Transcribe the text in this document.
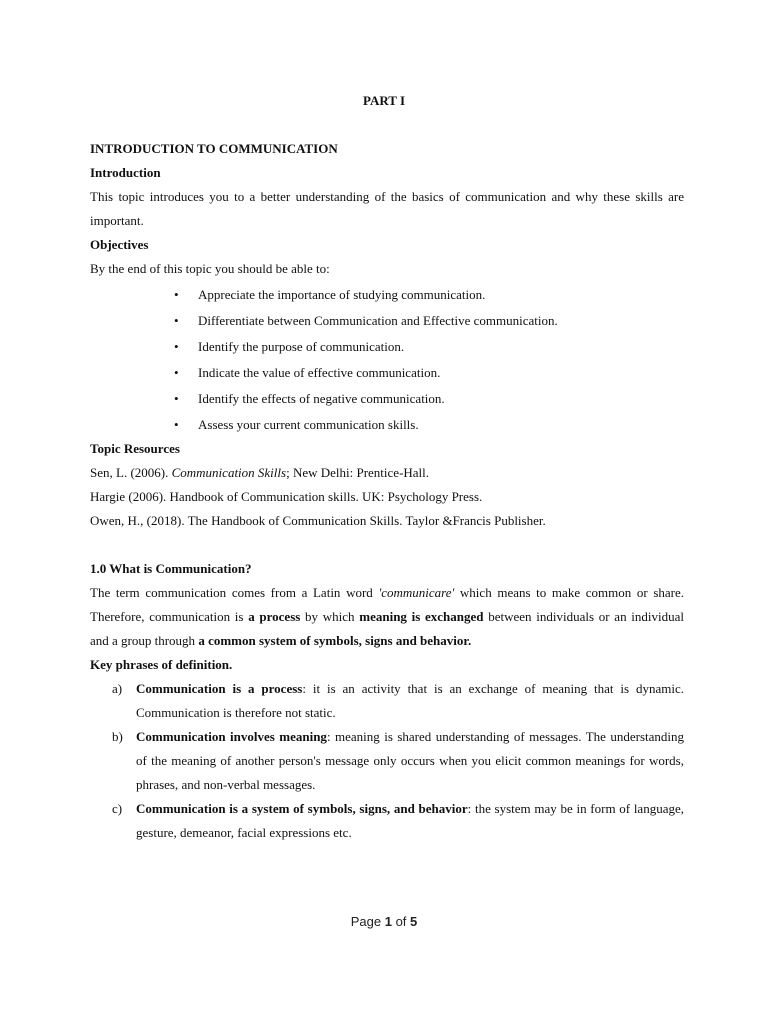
PART I
INTRODUCTION TO COMMUNICATION
Introduction
This topic introduces you to a better understanding of the basics of communication and why these skills are
important.
Objectives
By the end of this topic you should be able to:
• Appreciate the importance of studying communication.
• Differentiate between Communication and Effective communication.
• Identify the purpose of communication.
• Indicate the value of effective communication.
• Identify the effects of negative communication.
• Assess your current communication skills.
Topic Resources
Sen, L. (2006). Communication Skills; New Delhi: Prentice-Hall.
Hargie (2006). Handbook of Communication skills. UK: Psychology Press.
Owen, H., (2018). The Handbook of Communication Skills. Taylor &Francis Publisher.
1.0 What is Communication?
The term communication comes from a Latin word 'communicare' which means to make common or share.
Therefore, communication is a process by which meaning is exchanged between individuals or an individual
and a group through a common system of symbols, signs and behavior.
Key phrases of definition.
a) Communication is a process: it is an activity that is an exchange of meaning that is dynamic. Communication is therefore not static.
b) Communication involves meaning: meaning is shared understanding of messages. The understanding of the meaning of another person's message only occurs when you elicit common meanings for words, phrases, and non-verbal messages.
c) Communication is a system of symbols, signs, and behavior: the system may be in form of language, gesture, demeanor, facial expressions etc.
Page 1 of 5
